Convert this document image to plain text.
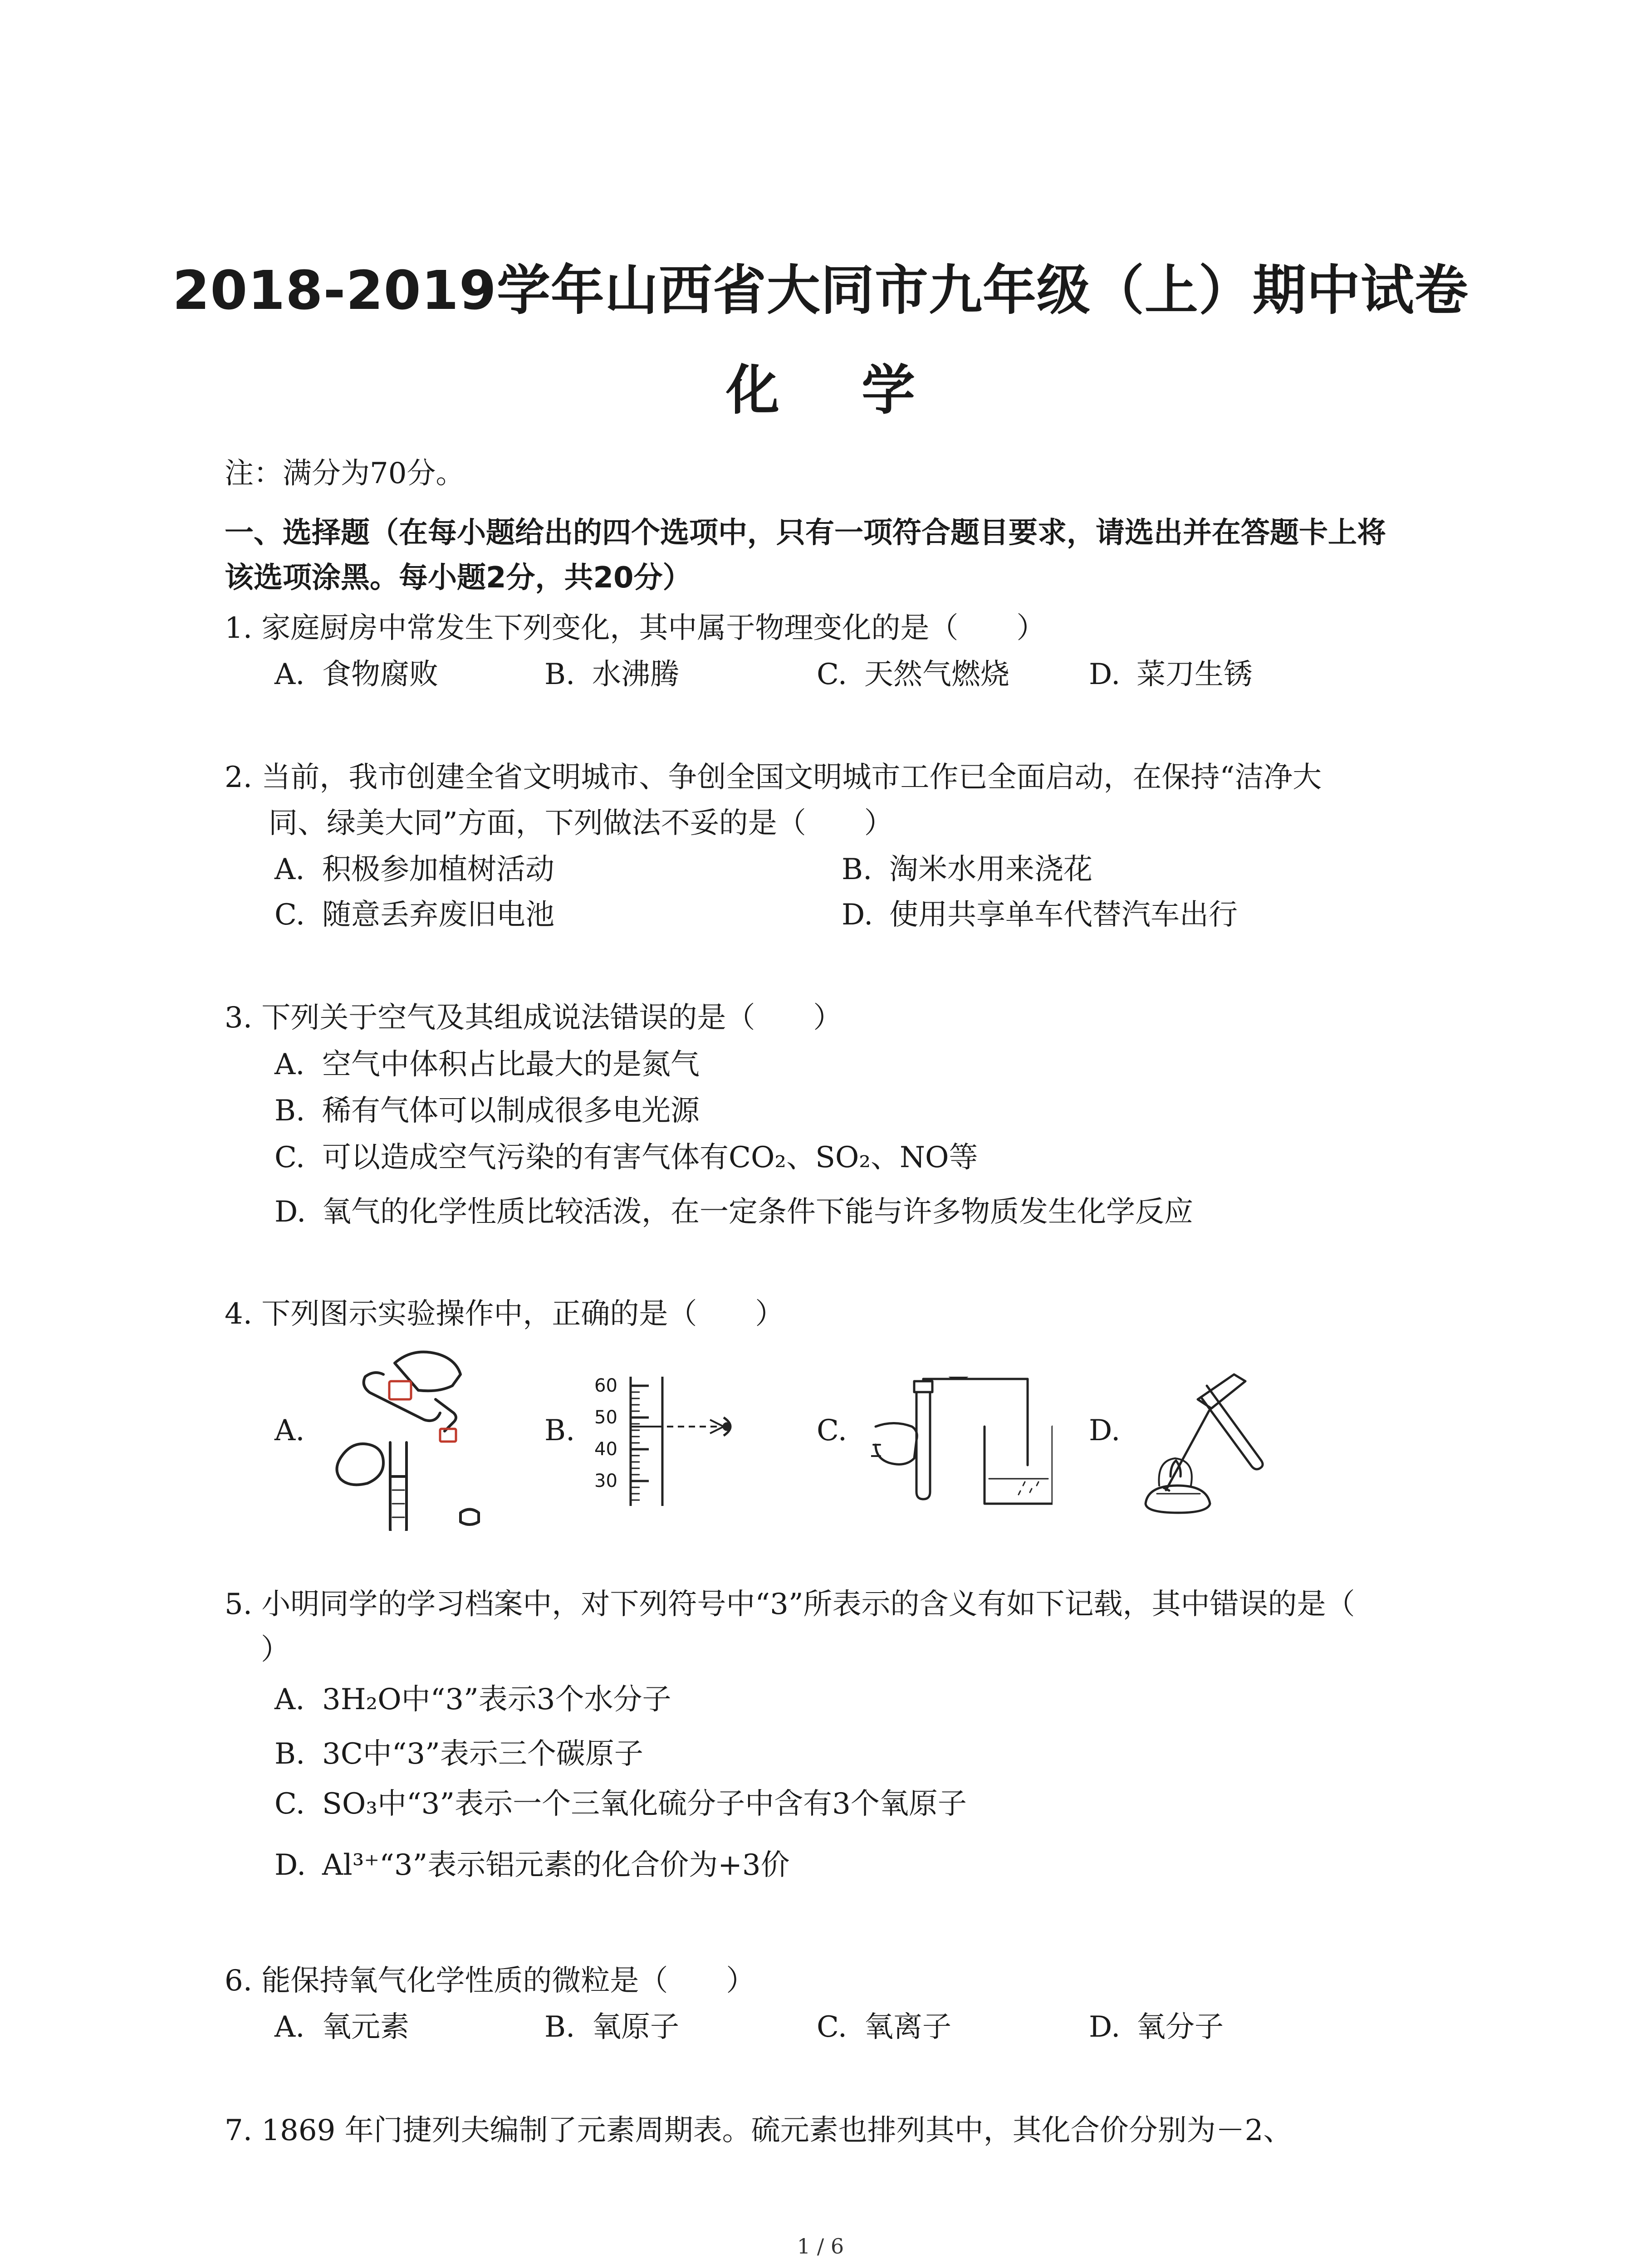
2018-2019学年山西省大同市九年级（上）期中试卷
化 学
注：满分为70分。
一、选择题（在每小题给出的四个选项中，只有一项符合题目要求，请选出并在答题卡上将
该选项涂黑。每小题2分，共20分）
1. 家庭厨房中常发生下列变化，其中属于物理变化的是（　　）
A. 食物腐败	B. 水沸腾	C. 天然气燃烧	D. 菜刀生锈
2. 当前，我市创建全省文明城市、争创全国文明城市工作已全面启动，在保持“洁净大
同、绿美大同”方面，下列做法不妥的是（　　）
A. 积极参加植树活动	B. 淘米水用来浇花
C. 随意丢弃废旧电池	D. 使用共享单车代替汽车出行
3. 下列关于空气及其组成说法错误的是（　　）
A. 空气中体积占比最大的是氮气
B. 稀有气体可以制成很多电光源
C. 可以造成空气污染的有害气体有CO₂、SO₂、NO等
D. 氧气的化学性质比较活泼，在一定条件下能与许多物质发生化学反应
4. 下列图示实验操作中，正确的是（　　）
A.	B.
60
50
40
30
C.	D.
5. 小明同学的学习档案中，对下列符号中“3”所表示的含义有如下记载，其中错误的是（
）
A. 3H₂O中“3”表示3个水分子
B. 3C中“3”表示三个碳原子
C. SO₃中“3”表示一个三氧化硫分子中含有3个氧原子
D. Al³⁺“3”表示铝元素的化合价为+3价
6. 能保持氧气化学性质的微粒是（　　）
A. 氧元素	B. 氧原子	C. 氧离子	D. 氧分子
7. 1869 年门捷列夫编制了元素周期表。硫元素也排列其中，其化合价分别为－2、
1 / 6
